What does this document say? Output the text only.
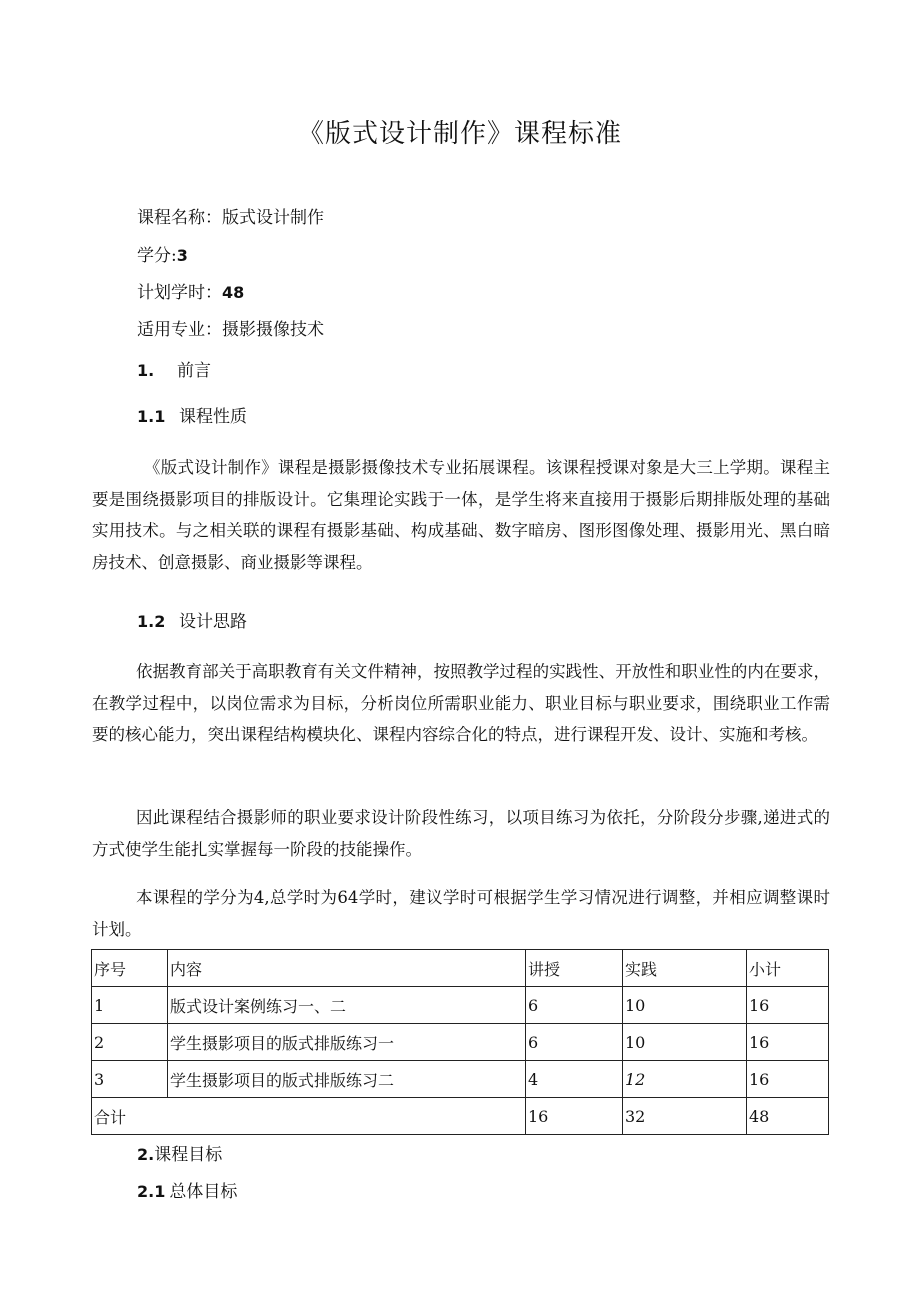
《版式设计制作》课程标准
课程名称：版式设计制作
学分:3
计划学时：48
适用专业：摄影摄像技术
1. 前言
1.1 课程性质
《版式设计制作》课程是摄影摄像技术专业拓展课程。该课程授课对象是大三上学期。课程主要是围绕摄影项目的排版设计。它集理论实践于一体，是学生将来直接用于摄影后期排版处理的基础实用技术。与之相关联的课程有摄影基础、构成基础、数字暗房、图形图像处理、摄影用光、黑白暗房技术、创意摄影、商业摄影等课程。
1.2 设计思路
依据教育部关于高职教育有关文件精神，按照教学过程的实践性、开放性和职业性的内在要求，在教学过程中，以岗位需求为目标，分析岗位所需职业能力、职业目标与职业要求，围绕职业工作需要的核心能力，突出课程结构模块化、课程内容综合化的特点，进行课程开发、设计、实施和考核。
因此课程结合摄影师的职业要求设计阶段性练习，以项目练习为依托，分阶段分步骤,递进式的方式使学生能扎实掌握每一阶段的技能操作。
本课程的学分为4,总学时为64学时，建议学时可根据学生学习情况进行调整，并相应调整课时计划。
序号	内容	讲授	实践	小计
1	版式设计案例练习一、二	6	10	16
2	学生摄影项目的版式排版练习一	6	10	16
3	学生摄影项目的版式排版练习二	4	12	16
合计		16	32	48
2.课程目标
2.1 总体目标
